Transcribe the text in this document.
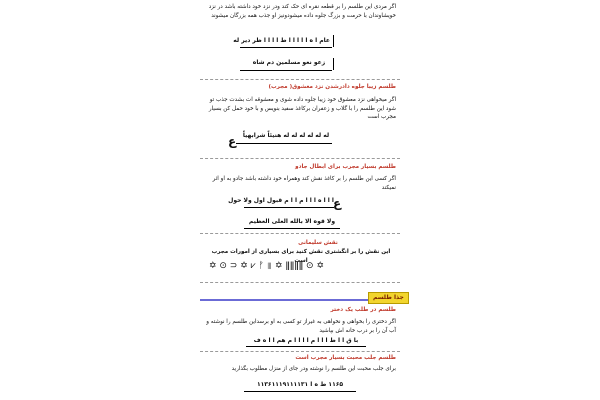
اگر مردی این طلسم را بر قطعه نقره ای حک کند ودر نزد خود داشته باشد در نزد خویشاوندان با حرمت و بزرگ جلوه داده میشودونیز او جذب همه بزرگان میشوند
عام ا ه ا ا ا ا ا ط ا ا ا ا ظر دیر له
زعو نعو مسلمین دم شاه
طلسم زیبا جلوه دادرشدن نزد معشوق( مجرب)
اگر میخواهی نزد معشوق خود زیبا جلوه داده شوی و معشوقه ات بشدت جذب تو شود این طلسم را با گلاب و زعفران برکاغذ سفید بنویس و با خود حمل کن بسیار مجرب است
له له له له له له هنيئاً شرابهياً
ع
طلسم بسیار مجرب برای ابطال جادو
اگر کسی این طلسم را بر کاغذ نقش کند وهمراه خود داشته باشد جادو به او اثر نمیکند
ا ا ا ه ا ا ا م ا ا م قبول اول ولا حول ع
ولا قوه الا بالله العلی العظیم
نقش سلیمانی
این نقش را بر انگشتری نقش کنید برای بسیاری از امورات مجرب است
✡ ⊙ ᚠ ⫼ ✡ ǁǁǁǁ ⩗ ✡ ⊂ ⊙ ✡
جذا طلسم
طلسم در طلب یک دختر
اگر دختری را بخواهی و نخواهی به غیراز تو کسی به او برسداین طلسم را نوشته و آب آن را بر درب خانه اش بپاشید
با ق ا ا ط ا ا ا م ا ا ا ا م هم ا ا ه ف
طلسم جلب محبت بسیار مجرب است
برای جلب محبت این طلسم را نوشته ودر جای از منزل مطلوب بگذارید
۱۱۶۵ ط ه ا ۱۱۳۶۱۱۱۹۱۱۱۱۳۱
